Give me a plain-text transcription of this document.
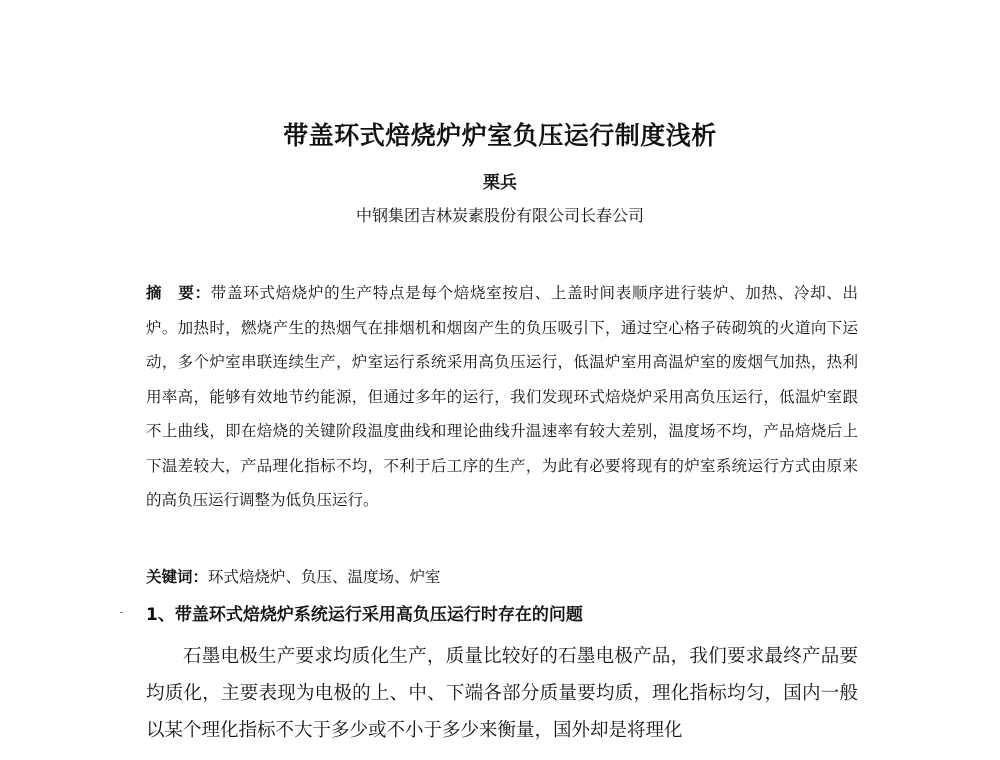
带盖环式焙烧炉炉室负压运行制度浅析
栗兵
中钢集团吉林炭素股份有限公司长春公司

摘　要：带盖环式焙烧炉的生产特点是每个焙烧室按启、上盖时间表顺序进行装炉、加热、冷却、出炉。加热时，燃烧产生的热烟气在排烟机和烟囱产生的负压吸引下，通过空心格子砖砌筑的火道向下运动，多个炉室串联连续生产，炉室运行系统采用高负压运行，低温炉室用高温炉室的废烟气加热，热利用率高，能够有效地节约能源，但通过多年的运行，我们发现环式焙烧炉采用高负压运行，低温炉室跟不上曲线，即在焙烧的关键阶段温度曲线和理论曲线升温速率有较大差别，温度场不均，产品焙烧后上下温差较大，产品理化指标不均，不利于后工序的生产，为此有必要将现有的炉室系统运行方式由原来的高负压运行调整为低负压运行。

关键词：环式焙烧炉、负压、温度场、炉室

1、带盖环式焙烧炉系统运行采用高负压运行时存在的问题

石墨电极生产要求均质化生产，质量比较好的石墨电极产品，我们要求最终产品要均质化，主要表现为电极的上、中、下端各部分质量要均质，理化指标均匀，国内一般以某个理化指标不大于多少或不小于多少来衡量，国外却是将理化
